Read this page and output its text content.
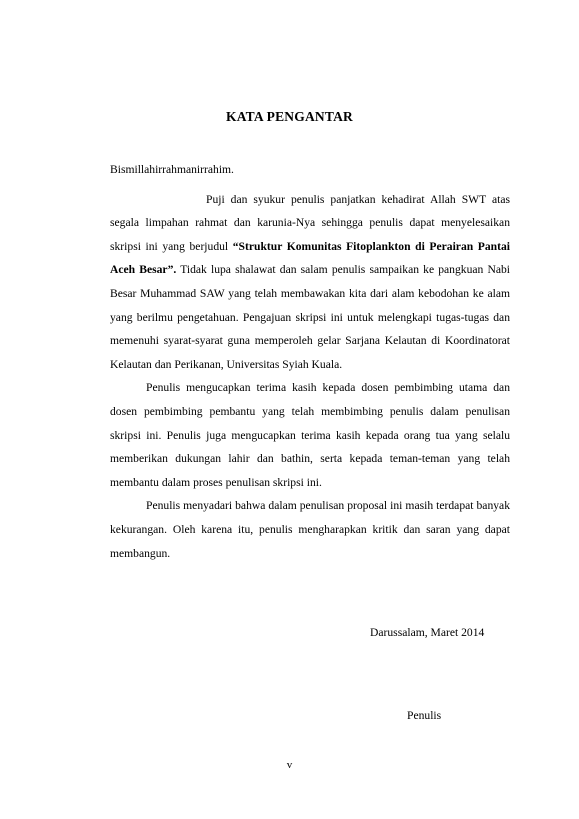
KATA PENGANTAR

Bismillahirrahmanirrahim.

Puji dan syukur penulis panjatkan kehadirat Allah SWT atas segala limpahan rahmat dan karunia-Nya sehingga penulis dapat menyelesaikan skripsi ini yang berjudul “Struktur Komunitas Fitoplankton di Perairan Pantai Aceh Besar”. Tidak lupa shalawat dan salam penulis sampaikan ke pangkuan Nabi Besar Muhammad SAW yang telah membawakan kita dari alam kebodohan ke alam yang berilmu pengetahuan. Pengajuan skripsi ini untuk melengkapi tugas-tugas dan memenuhi syarat-syarat guna memperoleh gelar Sarjana Kelautan di Koordinatorat Kelautan dan Perikanan, Universitas Syiah Kuala.

Penulis mengucapkan terima kasih kepada dosen pembimbing utama dan dosen pembimbing pembantu yang telah membimbing penulis dalam penulisan skripsi ini. Penulis juga mengucapkan terima kasih kepada orang tua yang selalu memberikan dukungan lahir dan bathin, serta kepada teman-teman yang telah membantu dalam proses penulisan skripsi ini.

Penulis menyadari bahwa dalam penulisan proposal ini masih terdapat banyak kekurangan. Oleh karena itu, penulis mengharapkan kritik dan saran yang dapat membangun.

Darussalam, Maret 2014
Penulis
v
